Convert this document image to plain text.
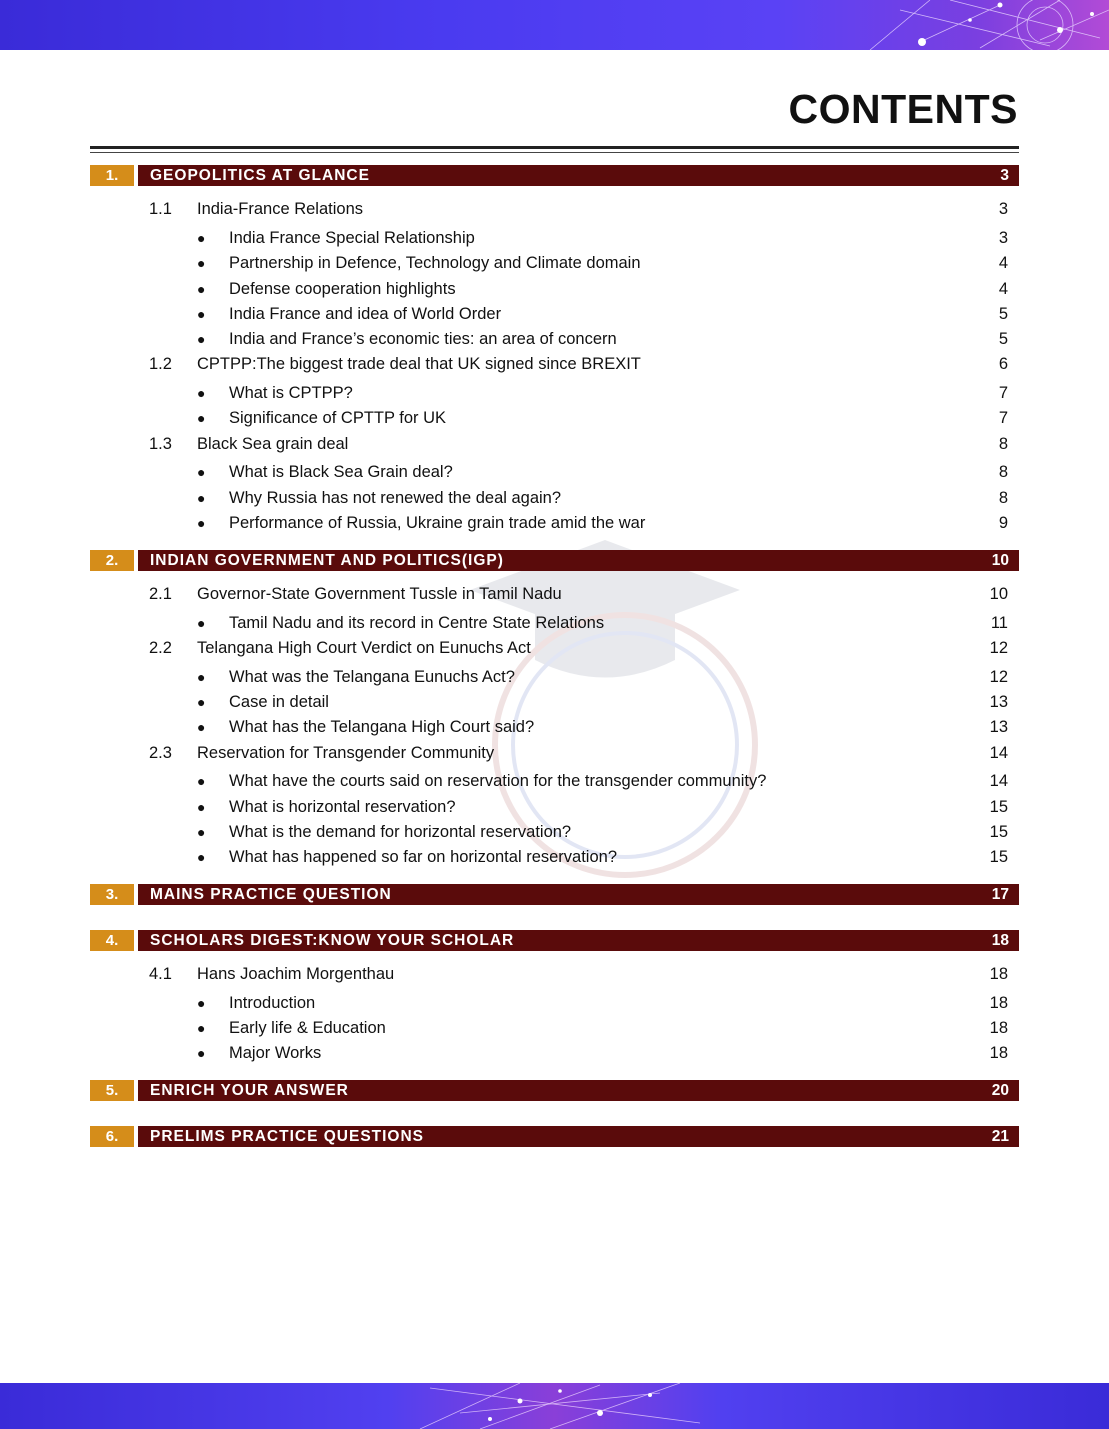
CONTENTS
1.	GEOPOLITICS AT GLANCE	3
1.1 India-France Relations	3
● India France Special Relationship	3
● Partnership in Defence, Technology and Climate domain	4
● Defense cooperation highlights	4
● India France and idea of World Order	5
● India and France’s economic ties: an area of concern	5
1.2 CPTPP:The biggest trade deal that UK signed since BREXIT	6
● What is CPTPP?	7
● Significance of CPTTP for UK	7
1.3 Black Sea grain deal	8
● What is Black Sea Grain deal?	8
● Why Russia has not renewed the deal again?	8
● Performance of Russia, Ukraine grain trade amid the war	9
2.	INDIAN GOVERNMENT AND POLITICS(IGP)	10
2.1 Governor-State Government Tussle in Tamil Nadu	10
● Tamil Nadu and its record in Centre State Relations	11
2.2 Telangana High Court Verdict on Eunuchs Act	12
● What was the Telangana Eunuchs Act?	12
● Case in detail	13
● What has the Telangana High Court said?	13
2.3 Reservation for Transgender Community	14
● What have the courts said on reservation for the transgender community?	14
● What is horizontal reservation?	15
● What is the demand for horizontal reservation?	15
● What has happened so far on horizontal reservation?	15
3.	MAINS PRACTICE QUESTION	17
4.	SCHOLARS DIGEST:KNOW YOUR SCHOLAR	18
4.1 Hans Joachim Morgenthau	18
● Introduction	18
● Early life & Education	18
● Major Works	18
5.	ENRICH YOUR ANSWER	20
6.	PRELIMS PRACTICE QUESTIONS	21
